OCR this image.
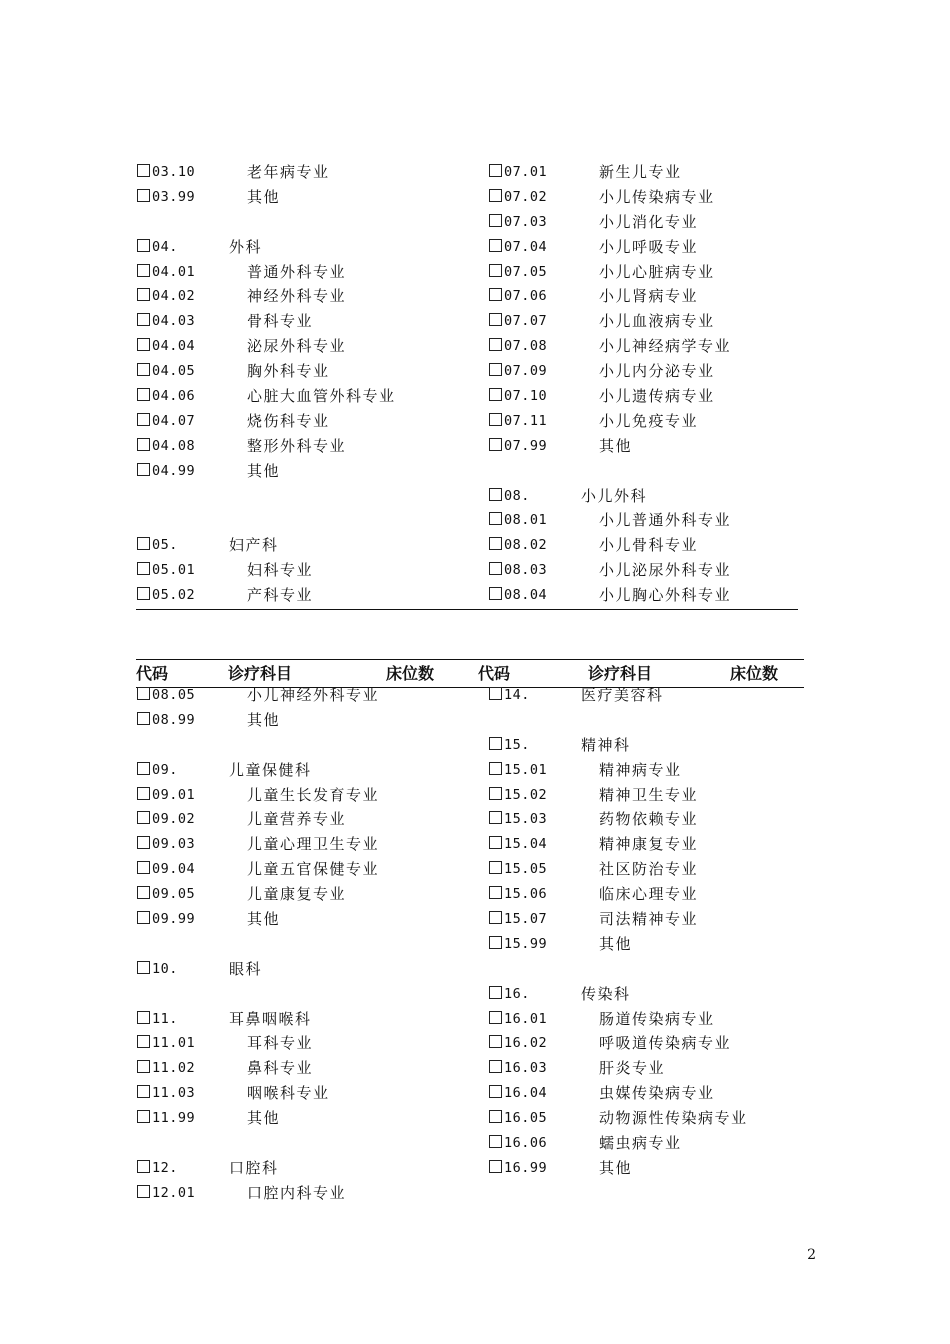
03.10	老年病专业
03.99	其他
04.	外科
04.01	普通外科专业
04.02	神经外科专业
04.03	骨科专业
04.04	泌尿外科专业
04.05	胸外科专业
04.06	心脏大血管外科专业
04.07	烧伤科专业
04.08	整形外科专业
04.99	其他
05.	妇产科
05.01	妇科专业
05.02	产科专业
07.01	新生儿专业
07.02	小儿传染病专业
07.03	小儿消化专业
07.04	小儿呼吸专业
07.05	小儿心脏病专业
07.06	小儿肾病专业
07.07	小儿血液病专业
07.08	小儿神经病学专业
07.09	小儿内分泌专业
07.10	小儿遗传病专业
07.11	小儿免疫专业
07.99	其他
08.	小儿外科
08.01	小儿普通外科专业
08.02	小儿骨科专业
08.03	小儿泌尿外科专业
08.04	小儿胸心外科专业
代码	诊疗科目	床位数	代码	诊疗科目	床位数
08.05	小儿神经外科专业
08.99	其他
09.	儿童保健科
09.01	儿童生长发育专业
09.02	儿童营养专业
09.03	儿童心理卫生专业
09.04	儿童五官保健专业
09.05	儿童康复专业
09.99	其他
10.	眼科
11.	耳鼻咽喉科
11.01	耳科专业
11.02	鼻科专业
11.03	咽喉科专业
11.99	其他
12.	口腔科
12.01	口腔内科专业
14.	医疗美容科
15.	精神科
15.01	精神病专业
15.02	精神卫生专业
15.03	药物依赖专业
15.04	精神康复专业
15.05	社区防治专业
15.06	临床心理专业
15.07	司法精神专业
15.99	其他
16.	传染科
16.01	肠道传染病专业
16.02	呼吸道传染病专业
16.03	肝炎专业
16.04	虫媒传染病专业
16.05	动物源性传染病专业
16.06	蠕虫病专业
16.99	其他
2
